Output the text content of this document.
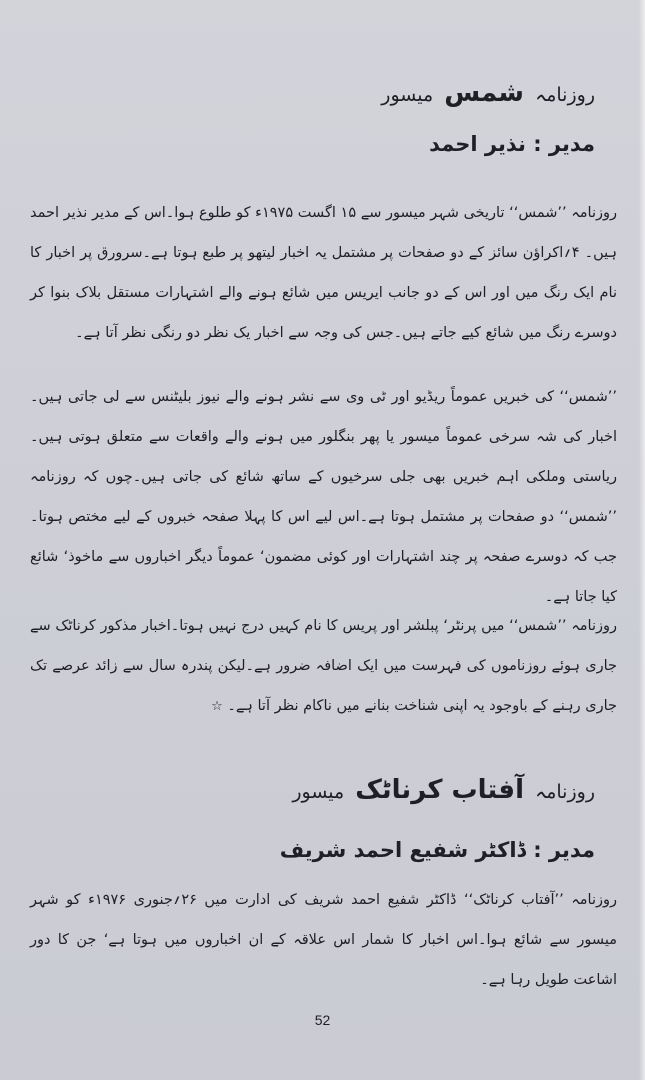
روزنامہ شمس میسور
مدیر : نذیر احمد

روزنامہ ’’شمس‘‘ تاریخی شہر میسور سے ۱۵ اگست ۱۹۷۵ء کو طلوع ہوا۔اس کے مدیر نذیر احمد ہیں۔ ۴؍اکراؤن سائز کے دو صفحات پر مشتمل یہ اخبار لیتھو پر طبع ہوتا ہے۔سرورق پر اخبار کا نام ایک رنگ میں اور اس کے دو جانب ایریس میں شائع ہونے والے اشتہارات مستقل بلاک بنوا کر دوسرے رنگ میں شائع کیے جاتے ہیں۔جس کی وجہ سے اخبار یک نظر دو رنگی نظر آتا ہے۔

’’شمس‘‘ کی خبریں عموماً ریڈیو اور ٹی وی سے نشر ہونے والے نیوز بلیٹنس سے لی جاتی ہیں۔ اخبار کی شہ سرخی عموماً میسور یا پھر بنگلور میں ہونے والے واقعات سے متعلق ہوتی ہیں۔ریاستی وملکی اہم خبریں بھی جلی سرخیوں کے ساتھ شائع کی جاتی ہیں۔چوں کہ روزنامہ ’’شمس‘‘ دو صفحات پر مشتمل ہوتا ہے۔اس لیے اس کا پہلا صفحہ خبروں کے لیے مختص ہوتا۔جب کہ دوسرے صفحہ پر چند اشتہارات اور کوئی مضمون‘ عموماً دیگر اخباروں سے ماخوذ‘ شائع کیا جاتا ہے۔

روزنامہ ’’شمس‘‘ میں پرنٹر‘ پبلشر اور پریس کا نام کہیں درج نہیں ہوتا۔اخبار مذکور کرناٹک سے جاری ہوئے روزناموں کی فہرست میں ایک اضافہ ضرور ہے۔لیکن پندرہ سال سے زائد عرصے تک جاری رہنے کے باوجود یہ اپنی شناخت بنانے میں ناکام نظر آتا ہے۔ ☆

روزنامہ آفتاب کرناٹک میسور
مدیر : ڈاکٹر شفیع احمد شریف

روزنامہ ’’آفتاب کرناٹک‘‘ ڈاکٹر شفیع احمد شریف کی ادارت میں ۲۶؍جنوری ۱۹۷۶ء کو شہر میسور سے شائع ہوا۔اس اخبار کا شمار اس علاقہ کے ان اخباروں میں ہوتا ہے‘ جن کا دور اشاعت طویل رہا ہے۔

52
